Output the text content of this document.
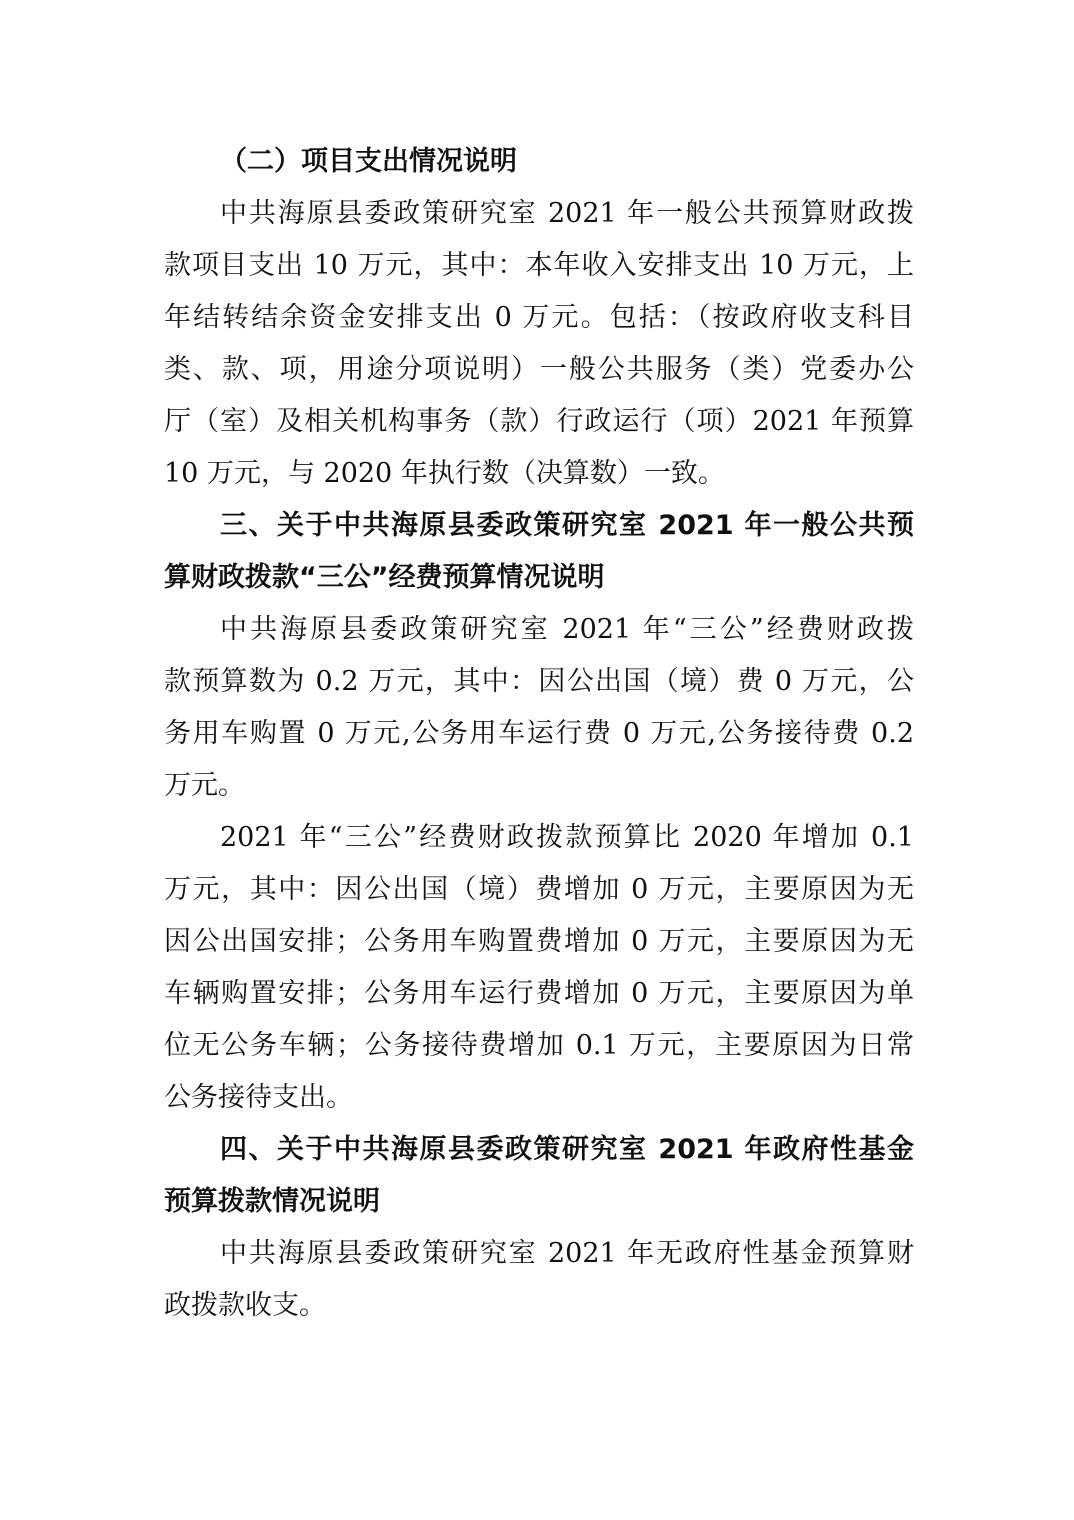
（二）项目支出情况说明
中共海原县委政策研究室 2021 年一般公共预算财政拨
款项目支出 10 万元，其中：本年收入安排支出 10 万元，上
年结转结余资金安排支出 0 万元。包括：（按政府收支科目
类、款、项，用途分项说明）一般公共服务（类）党委办公
厅（室）及相关机构事务（款）行政运行（项）2021 年预算
10 万元，与 2020 年执行数（决算数）一致。
三、关于中共海原县委政策研究室 2021 年一般公共预
算财政拨款“三公”经费预算情况说明
中共海原县委政策研究室 2021 年“三公”经费财政拨
款预算数为 0.2 万元，其中：因公出国（境）费 0 万元，公
务用车购置 0 万元,公务用车运行费 0 万元,公务接待费 0.2
万元。
2021 年“三公”经费财政拨款预算比 2020 年增加 0.1
万元，其中：因公出国（境）费增加 0 万元，主要原因为无
因公出国安排；公务用车购置费增加 0 万元，主要原因为无
车辆购置安排；公务用车运行费增加 0 万元，主要原因为单
位无公务车辆；公务接待费增加 0.1 万元，主要原因为日常
公务接待支出。
四、关于中共海原县委政策研究室 2021 年政府性基金
预算拨款情况说明
中共海原县委政策研究室 2021 年无政府性基金预算财
政拨款收支。
